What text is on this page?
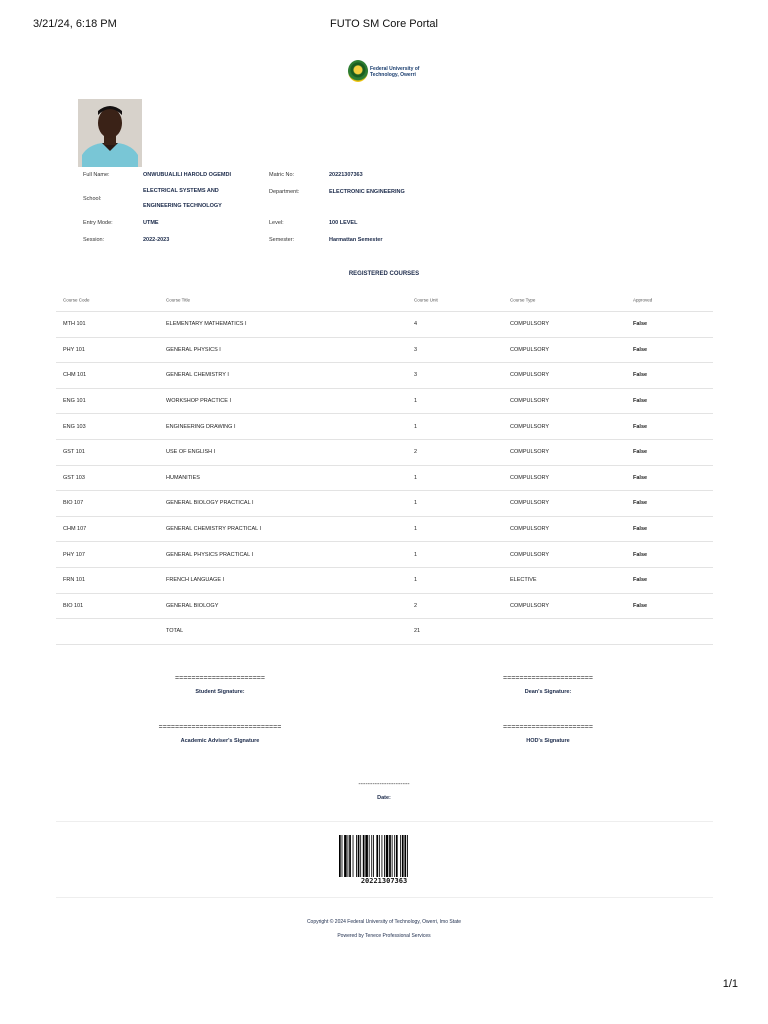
3/21/24, 6:18 PM	FUTO SM Core Portal
Federal University of
Technology, Owerri
Full Name:	ONWUBUALILI HAROLD OGEMDI	Matric No:	20221307363
School:
ELECTRICAL SYSTEMS AND
ENGINEERING TECHNOLOGY
Department:	ELECTRONIC ENGINEERING
Entry Mode:	UTME	Level:	100 LEVEL
Session:	2022-2023	Semester:	Harmattan Semester
REGISTERED COURSES
Course Code	Course Title	Course Unit	Course Type	Approved
MTH 101	ELEMENTARY MATHEMATICS I	4	COMPULSORY	False
PHY 101	GENERAL PHYSICS I	3	COMPULSORY	False
CHM 101	GENERAL CHEMISTRY I	3	COMPULSORY	False
ENG 101	WORKSHOP PRACTICE I	1	COMPULSORY	False
ENG 103	ENGINEERING DRAWING I	1	COMPULSORY	False
GST 101	USE OF ENGLISH I	2	COMPULSORY	False
GST 103	HUMANITIES	1	COMPULSORY	False
BIO 107	GENERAL BIOLOGY PRACTICAL I	1	COMPULSORY	False
CHM 107	GENERAL CHEMISTRY PRACTICAL I	1	COMPULSORY	False
PHY 107	GENERAL PHYSICS PRACTICAL I	1	COMPULSORY	False
FRN 101	FRENCH LANGUAGE I	1	ELECTIVE	False
BIO 101	GENERAL BIOLOGY	2	COMPULSORY	False
TOTAL	21
======================
Student Signature:
======================
Dean's Signature:
==============================
Academic Adviser's Signature
======================
HOD's Signature
----------------------
Date:
20221307363
Copyright © 2024 Federal University of Technology, Owerri, Imo State
Powered by Tenece Professional Services
1/1
